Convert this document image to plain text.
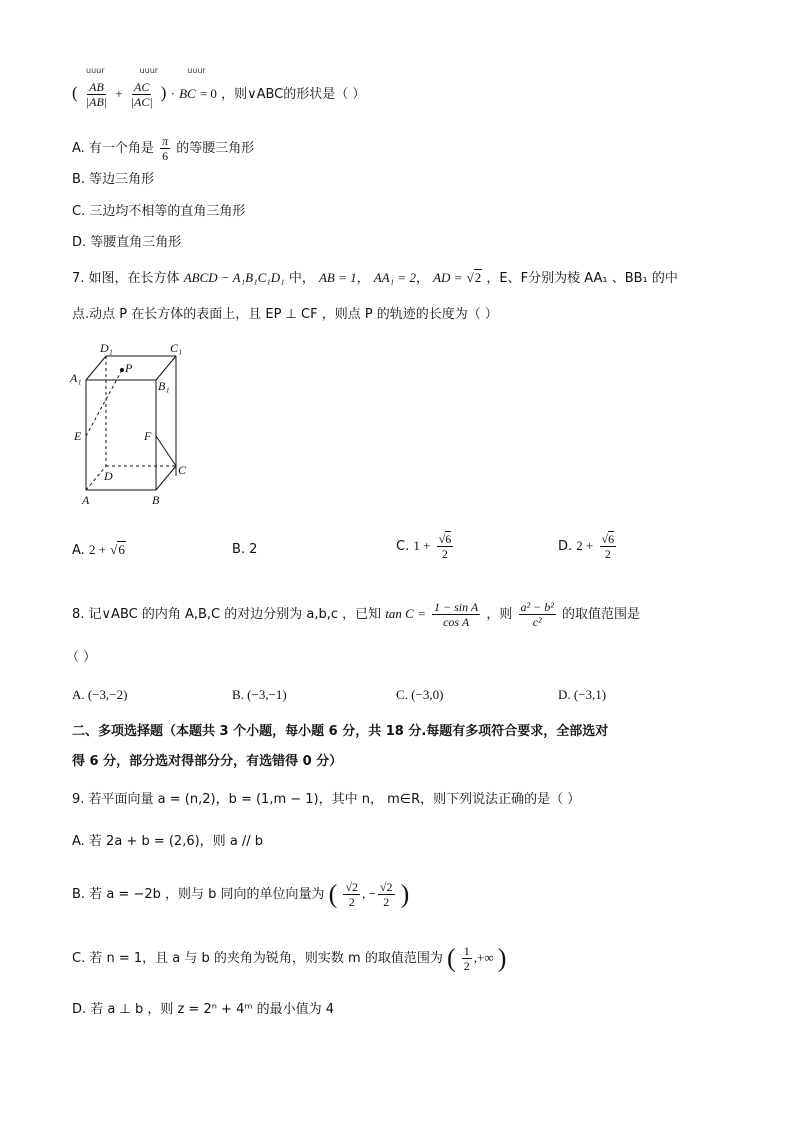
( $\frac{AB}{|AB|} + \frac{AC}{|AC|}$ ) · BC = 0 ，则∨ABC的形状是（ ）
uuur	uuur	uuur
A. 有一个角是 $\frac{\pi}{6}$ 的等腰三角形
B. 等边三角形
C. 三边均不相等的直角三角形
D. 等腰直角三角形
7. 如图，在长方体 ABCD − A₁B₁C₁D₁ 中， AB = 1， AA₁ = 2， AD = √2 ，E、F分别为棱 AA₁ 、BB₁ 的中
点.动点 P 在长方体的表面上，且 EP ⊥ CF ，则点 P 的轨迹的长度为（ ）
D₁	C₁
A₁
B₁
P
E	F
C
D
A	B
A. 2 + √6	B. 2	C. $1 + \frac{√6}{2}$	D. $2 + \frac{√6}{2}$
8. 记∨ABC 的内角 A,B,C 的对边分别为 a,b,c ，已知 $\tan C = \frac{\text{1 − sin A}}{\text{cos A}}$ ，则 $\frac{\text{a² − b²}}{\text{c²}}$ 的取值范围是
（ ）
A. (−3,−2)	B. (−3,−1)	C. (−3,0)	D. (−3,1)
二、多项选择题（本题共 3 个小题，每小题 6 分，共 18 分.每题有多项符合要求，全部选对
得 6 分，部分选对得部分分，有选错得 0 分）
9. 若平面向量 a = (n,2)，b = (1,m − 1)，其中 n， m∈R，则下列说法正确的是（ ）
A. 若 2a + b = (2,6)，则 a // b
B. 若 a = −2b ，则与 b 同向的单位向量为 ( $\frac{√2}{2}$ , − $\frac{√2}{2}$ )
C. 若 n = 1，且 a 与 b 的夹角为锐角，则实数 m 的取值范围为 ( $\frac{1}{2}$ ,+∞ )
D. 若 a ⊥ b ，则 z = 2ⁿ + 4ᵐ 的最小值为 4
